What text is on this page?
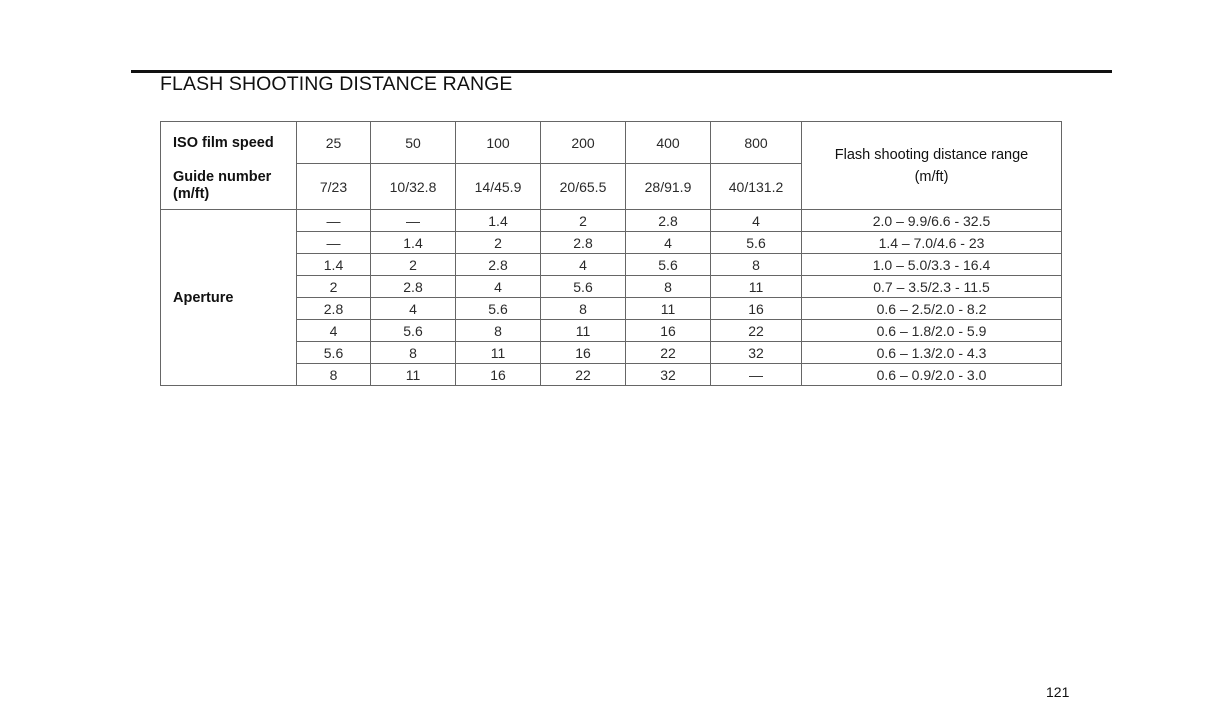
FLASH SHOOTING DISTANCE RANGE
ISO film speed	25	50	100	200	400	800	Flash shooting distance range
(m/ft)

Guide number
(m/ft)	7/23	10/32.8	14/45.9	20/65.5	28/91.9	40/131.2	
Aperture	—	—	1.4	2	2.8	4	2.0 – 9.9/6.6 - 32.5
	—	1.4	2	2.8	4	5.6	1.4 – 7.0/4.6 - 23
	1.4	2	2.8	4	5.6	8	1.0 – 5.0/3.3 - 16.4
	2	2.8	4	5.6	8	11	0.7 – 3.5/2.3 - 11.5
	2.8	4	5.6	8	11	16	0.6 – 2.5/2.0 - 8.2
	4	5.6	8	11	16	22	0.6 – 1.8/2.0 - 5.9
	5.6	8	11	16	22	32	0.6 – 1.3/2.0 - 4.3
	8	11	16	22	32	—	0.6 – 0.9/2.0 - 3.0
121
